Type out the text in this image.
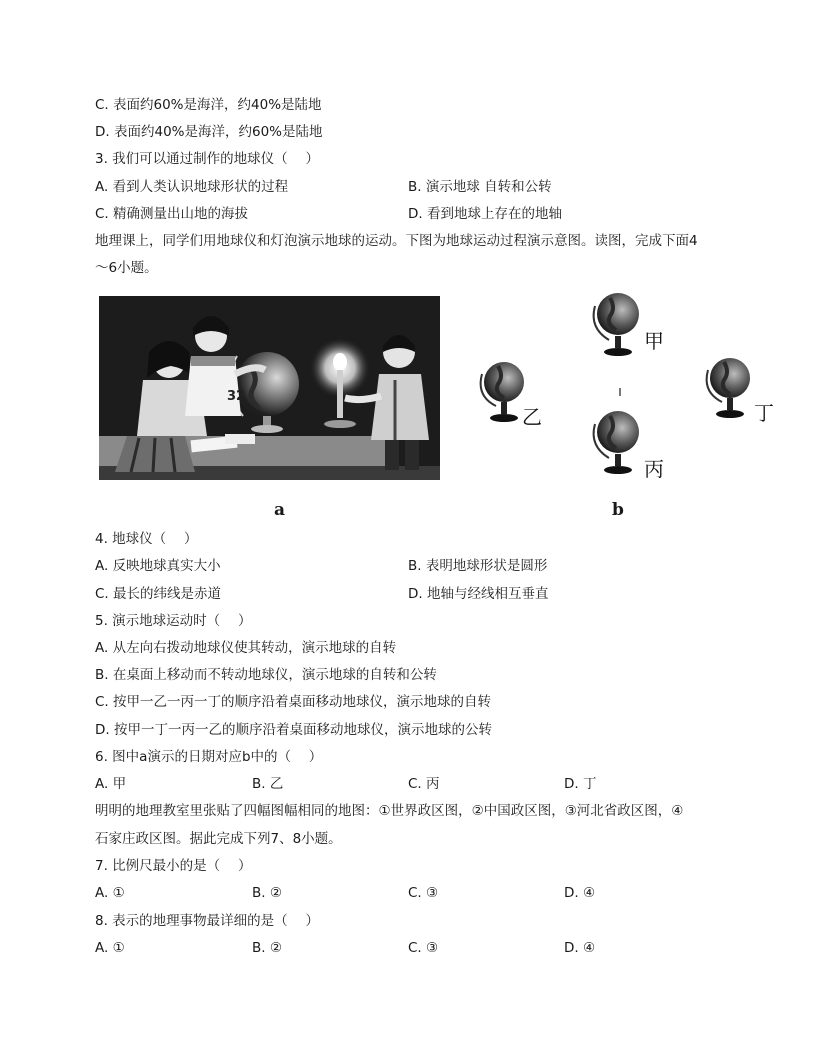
C. 表面约60%是海洋，约40%是陆地
D. 表面约40%是海洋，约60%是陆地
3. 我们可以通过制作的地球仪（　 ）
A. 看到人类认识地球形状的过程	B. 演示地球 自转和公转
C. 精确测量出山地的海拔	D. 看到地球上存在的地轴
地理课上，同学们用地球仪和灯泡演示地球的运动。下图为地球运动过程演示意图。读图，完成下面4
～6小题。
32
甲
乙	丁
丙
a	b
4. 地球仪（　 ）
A. 反映地球真实大小	B. 表明地球形状是圆形
C. 最长的纬线是赤道	D. 地轴与经线相互垂直
5. 演示地球运动时（　 ）
A. 从左向右拨动地球仪使其转动，演示地球的自转
B. 在桌面上移动而不转动地球仪，演示地球的自转和公转
C. 按甲一乙一丙一丁的顺序沿着桌面移动地球仪，演示地球的自转
D. 按甲一丁一丙一乙的顺序沿着桌面移动地球仪，演示地球的公转
6. 图中a演示的日期对应b中的（　 ）
A. 甲	B. 乙	C. 丙	D. 丁
明明的地理教室里张贴了四幅图幅相同的地图：①世界政区图，②中国政区图，③河北省政区图，④
石家庄政区图。据此完成下列7、8小题。
7. 比例尺最小的是（　 ）
A. ①	B. ②	C. ③	D. ④
8. 表示的地理事物最详细的是（　 ）
A. ①	B. ②	C. ③	D. ④
